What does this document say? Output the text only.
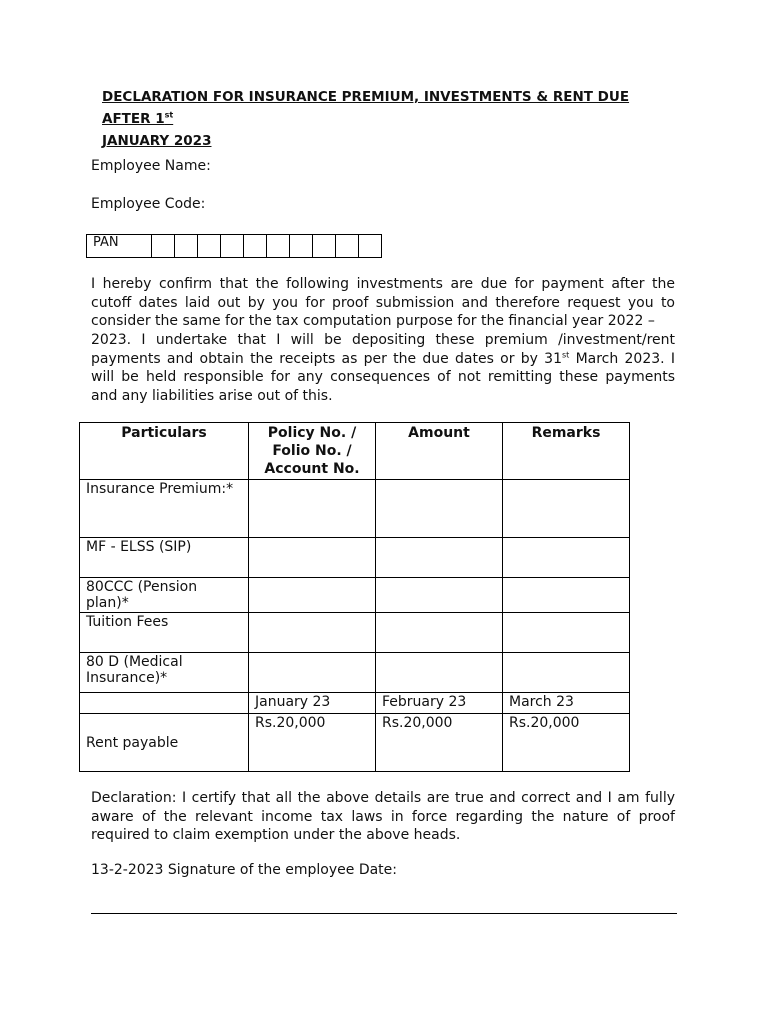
DECLARATION FOR INSURANCE PREMIUM, INVESTMENTS & RENT DUE AFTER 1st
JANUARY 2023
Employee Name:
Employee Code:
PAN										

I hereby confirm that the following investments are due for payment after the cutoff dates laid out by you for proof submission and therefore request you to consider the same for the tax computation purpose for the financial year 2022 –

2023. I undertake that I will be depositing these premium /investment/rent payments and obtain the receipts as per the due dates or by 31st March 2023. I will be held responsible for any consequences of not remitting these payments and any liabilities arise out of this.

Particulars	Policy No. / Folio No. / Account No.	Amount	Remarks
Insurance Premium:*			
MF - ELSS (SIP)			
80CCC (Pension plan)*			
Tuition Fees			
80 D (Medical Insurance)*			
	January 23	February 23	March 23
Rent payable	Rs.20,000	Rs.20,000	Rs.20,000

Declaration: I certify that all the above details are true and correct and I am fully aware of the relevant income tax laws in force regarding the nature of proof required to claim exemption under the above heads.

13-2-2023 Signature of the employee Date:
